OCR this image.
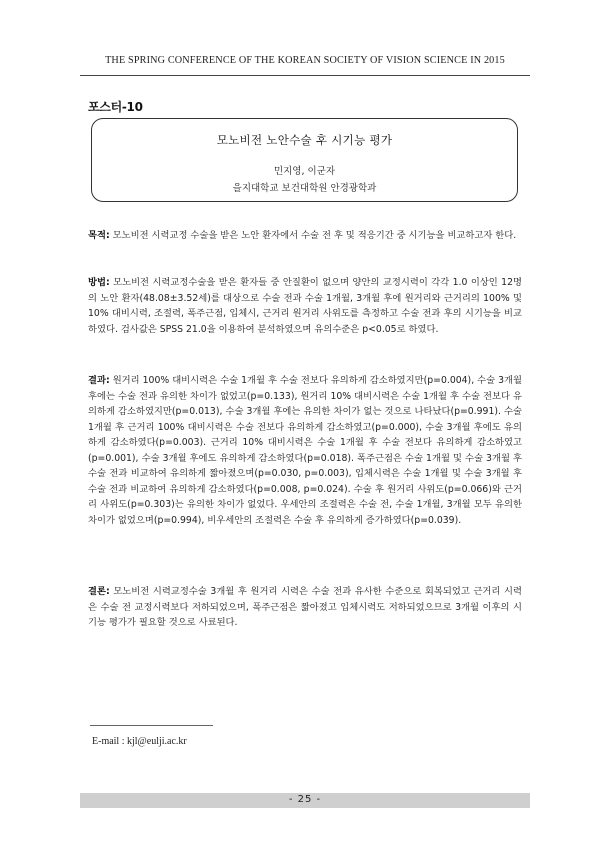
THE SPRING CONFERENCE OF THE KOREAN SOCIETY OF VISION SCIENCE IN 2015
포스터-10
모노비전 노안수술 후 시기능 평가
민지영, 이군자
을지대학교 보건대학원 안경광학과
목적: 모노비전 시력교정 수술을 받은 노안 환자에서 수술 전 후 및 적응기간 중 시기능을 비교하고자 한다.
방법: 모노비전 시력교정수술을 받은 환자들 중 안질환이 없으며 양안의 교정시력이 각각 1.0 이상인 12명의 노안 환자(48.08±3.52세)를 대상으로 수술 전과 수술 1개월, 3개월 후에 원거리와 근거리의 100% 및 10% 대비시력, 조절력, 폭주근점, 입체시, 근거리 원거리 사위도를 측정하고 수술 전과 후의 시기능을 비교하였다. 검사값은 SPSS 21.0을 이용하여 분석하였으며 유의수준은 p<0.05로 하였다.
결과: 원거리 100% 대비시력은 수술 1개월 후 수술 전보다 유의하게 감소하였지만(p=0.004), 수술 3개월 후에는 수술 전과 유의한 차이가 없었고(p=0.133), 원거리 10% 대비시력은 수술 1개월 후 수술 전보다 유의하게 감소하였지만(p=0.013), 수술 3개월 후에는 유의한 차이가 없는 것으로 나타났다(p=0.991). 수술 1개월 후 근거리 100% 대비시력은 수술 전보다 유의하게 감소하였고(p=0.000), 수술 3개월 후에도 유의하게 감소하였다(p=0.003). 근거리 10% 대비시력은 수술 1개월 후 수술 전보다 유의하게 감소하였고(p=0.001), 수술 3개월 후에도 유의하게 감소하였다(p=0.018). 폭주근점은 수술 1개월 및 수술 3개월 후 수술 전과 비교하여 유의하게 짧아졌으며(p=0.030, p=0.003), 입체시력은 수술 1개월 및 수술 3개월 후 수술 전과 비교하여 유의하게 감소하였다(p=0.008, p=0.024). 수술 후 원거리 사위도(p=0.066)와 근거리 사위도(p=0.303)는 유의한 차이가 없었다. 우세안의 조절력은 수술 전, 수술 1개월, 3개월 모두 유의한 차이가 없었으며(p=0.994), 비우세안의 조절력은 수술 후 유의하게 증가하였다(p=0.039).
결론: 모노비전 시력교정수술 3개월 후 원거리 시력은 수술 전과 유사한 수준으로 회복되었고 근거리 시력은 수술 전 교정시력보다 저하되었으며, 폭주근점은 짧아졌고 입체시력도 저하되었으므로 3개월 이후의 시기능 평가가 필요할 것으로 사료된다.
E-mail : kjl@eulji.ac.kr
- 25 -
